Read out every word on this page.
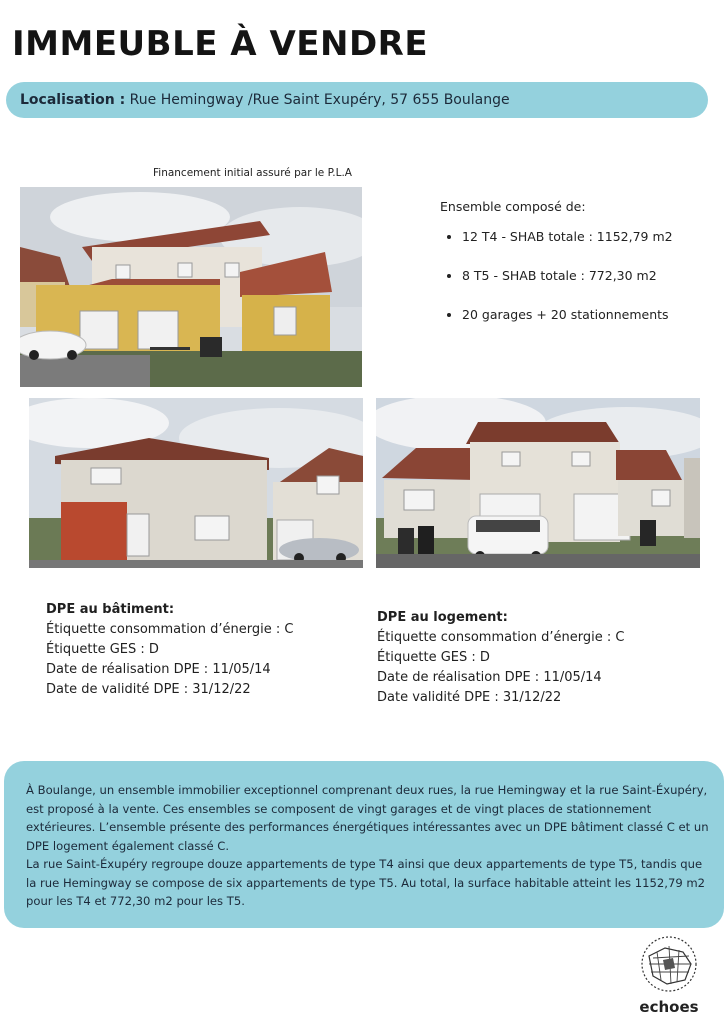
IMMEUBLE À VENDRE
Localisation :
Rue Hemingway /Rue Saint Exupéry, 57 655 Boulange
Financement initial assuré par le P.L.A
Ensemble composé de:
• 12 T4 - SHAB totale : 1152,79 m2
• 8 T5 - SHAB totale : 772,30 m2
• 20 garages + 20 stationnements
DPE au bâtiment:
Étiquette consommation d’énergie : C
Étiquette GES : D
Date de réalisation DPE : 11/05/14
Date de validité DPE : 31/12/22
DPE au logement:
Étiquette consommation d’énergie : C
Étiquette GES : D
Date de réalisation DPE : 11/05/14
Date validité DPE : 31/12/22

À Boulange, un ensemble immobilier exceptionnel comprenant deux rues, la rue Hemingway et la rue Saint-Éxupéry, est proposé à la vente. Ces ensembles se composent de vingt garages et de vingt places de stationnement extérieures. L’ensemble présente des performances énergétiques intéressantes avec un DPE bâtiment classé C et un DPE logement également classé C.

La rue Saint-Éxupéry regroupe douze appartements de type T4 ainsi que deux appartements de type T5, tandis que la rue Hemingway se compose de six appartements de type T5. Au total, la surface habitable atteint les 1152,79 m2 pour les T4 et 772,30 m2 pour les T5.

echoes
